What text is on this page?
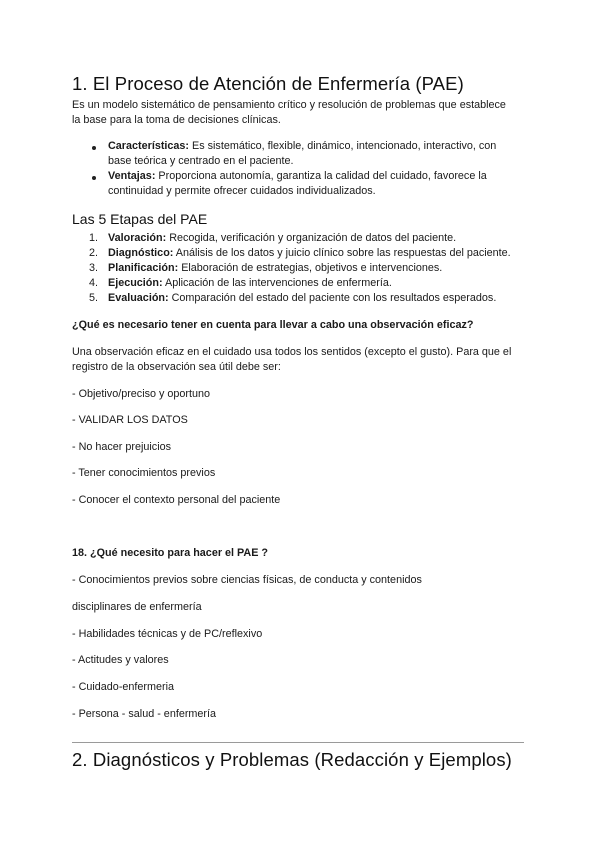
1. El Proceso de Atención de Enfermería (PAE)
Es un modelo sistemático de pensamiento crítico y resolución de problemas que establece
la base para la toma de decisiones clínicas.
Características: Es sistemático, flexible, dinámico, intencionado, interactivo, con
base teórica y centrado en el paciente.
Ventajas: Proporciona autonomía, garantiza la calidad del cuidado, favorece la
continuidad y permite ofrecer cuidados individualizados.
Las 5 Etapas del PAE
1. Valoración: Recogida, verificación y organización de datos del paciente.
2. Diagnóstico: Análisis de los datos y juicio clínico sobre las respuestas del paciente.
3. Planificación: Elaboración de estrategias, objetivos e intervenciones.
4. Ejecución: Aplicación de las intervenciones de enfermería.
5. Evaluación: Comparación del estado del paciente con los resultados esperados.
¿Qué es necesario tener en cuenta para llevar a cabo una observación eficaz?
Una observación eficaz en el cuidado usa todos los sentidos (excepto el gusto). Para que el
registro de la observación sea útil debe ser:
- Objetivo/preciso y oportuno
- VALIDAR LOS DATOS
- No hacer prejuicios
- Tener conocimientos previos
- Conocer el contexto personal del paciente
18. ¿Qué necesito para hacer el PAE ?
- Conocimientos previos sobre ciencias físicas, de conducta y contenidos
disciplinares de enfermería
- Habilidades técnicas y de PC/reflexivo
- Actitudes y valores
- Cuidado-enfermeria
- Persona - salud - enfermería
2. Diagnósticos y Problemas (Redacción y Ejemplos)
